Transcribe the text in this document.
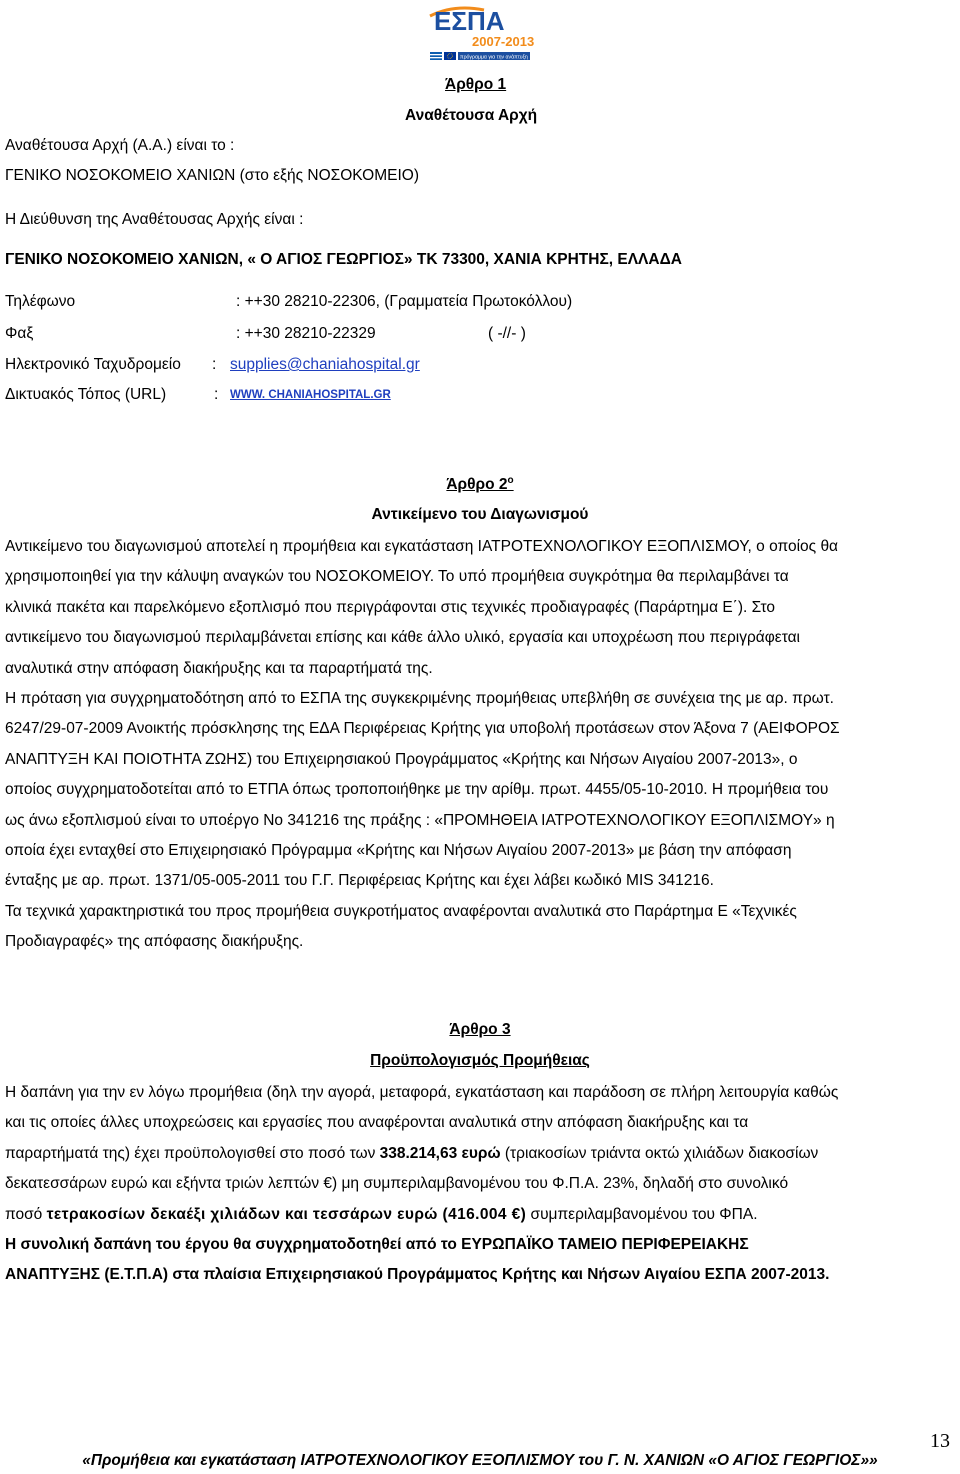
ΕΣΠΑ
2007-2013
πρόγραμμα για την ανάπτυξη
Άρθρο 1
Αναθέτουσα Αρχή
Αναθέτουσα Αρχή (Α.Α.) είναι το :
ΓΕΝΙΚΟ ΝΟΣΟΚΟΜΕΙΟ ΧΑΝΙΩΝ (στο εξής ΝΟΣΟΚΟΜΕΙΟ)
Η Διεύθυνση της Αναθέτουσας Αρχής είναι :
ΓΕΝΙΚΟ ΝΟΣΟΚΟΜΕΙΟ ΧΑΝΙΩΝ, « Ο ΑΓΙΟΣ ΓΕΩΡΓΙΟΣ» ΤΚ 73300, ΧΑΝΙΑ ΚΡΗΤΗΣ, ΕΛΛΑΔΑ
Τηλέφωνο	: ++30 28210-22306, (Γραμματεία Πρωτοκόλλου)
Φαξ	: ++30 28210-22329	( -//- )
Ηλεκτρονικό Ταχυδρομείο : supplies@chaniahospital.gr
Δικτυακός Τόπος (URL)	: WWW. CHANIAHOSPITAL.GR
Άρθρο $2^o$
Αντικείμενο του Διαγωνισμού
Αντικείμενο του διαγωνισμού αποτελεί η προμήθεια και εγκατάσταση ΙΑΤΡΟΤΕΧΝΟΛΟΓΙΚΟΥ ΕΞΟΠΛΙΣΜΟΥ, ο οποίος θα
χρησιμοποιηθεί για την κάλυψη αναγκών του ΝΟΣΟΚΟΜΕΙΟΥ. Το υπό προμήθεια συγκρότημα θα περιλαμβάνει τα
κλινικά πακέτα και παρελκόμενο εξοπλισμό που περιγράφονται στις τεχνικές προδιαγραφές (Παράρτημα Ε΄). Στο
αντικείμενο του διαγωνισμού περιλαμβάνεται επίσης και κάθε άλλο υλικό, εργασία και υποχρέωση που περιγράφεται
αναλυτικά στην απόφαση διακήρυξης και τα παραρτήματά της.
Η πρόταση για συγχρηματοδότηση από το ΕΣΠΑ της συγκεκριμένης προμήθειας υπεβλήθη σε συνέχεια της με αρ. πρωτ.
6247/29-07-2009 Ανοικτής πρόσκλησης της ΕΔΑ Περιφέρειας Κρήτης για υποβολή προτάσεων στον Άξονα 7 (ΑΕΙΦΟΡΟΣ
ΑΝΑΠΤΥΞΗ ΚΑΙ ΠΟΙΟΤΗΤΑ ΖΩΗΣ) του Επιχειρησιακού Προγράμματος «Κρήτης και Νήσων Αιγαίου 2007-2013», ο
οποίος συγχρηματοδοτείται από το ΕΤΠΑ όπως τροποποιήθηκε με την αρίθμ. πρωτ. 4455/05-10-2010. Η προμήθεια του
ως άνω εξοπλισμού είναι το υποέργο Νο 341216 της πράξης : «ΠΡΟΜΗΘΕΙΑ ΙΑΤΡΟΤΕΧΝΟΛΟΓΙΚΟΥ ΕΞΟΠΛΙΣΜΟΥ» η
οποία έχει ενταχθεί στο Επιχειρησιακό Πρόγραμμα «Κρήτης και Νήσων Αιγαίου 2007-2013» με βάση την απόφαση
ένταξης με αρ. πρωτ. 1371/05-005-2011 του Γ.Γ. Περιφέρειας Κρήτης και έχει λάβει κωδικό MIS 341216.
Τα τεχνικά χαρακτηριστικά του προς προμήθεια συγκροτήματος αναφέρονται αναλυτικά στο Παράρτημα Ε «Τεχνικές
Προδιαγραφές» της απόφασης διακήρυξης.
Άρθρο 3
Προϋπολογισμός Προμήθειας
Η δαπάνη για την εν λόγω προμήθεια (δηλ την αγορά, μεταφορά, εγκατάσταση και παράδοση σε πλήρη λειτουργία καθώς
και τις οποίες άλλες υποχρεώσεις και εργασίες που αναφέρονται αναλυτικά στην απόφαση διακήρυξης και τα
παραρτήματά της) έχει προϋπολογισθεί στο ποσό των 338.214,63 ευρώ (τριακοσίων τριάντα οκτώ χιλιάδων διακοσίων
δεκατεσσάρων ευρώ και εξήντα τριών λεπτών €) μη συμπεριλαμβανομένου του Φ.Π.Α. 23%, δηλαδή στο συνολικό
ποσό τετρακοσίων δεκαέξι χιλιάδων και τεσσάρων ευρώ (416.004 €) συμπεριλαμβανομένου του ΦΠΑ.
Η συνολική δαπάνη του έργου θα συγχρηματοδοτηθεί από το ΕΥΡΩΠΑΪΚΟ ΤΑΜΕΙΟ ΠΕΡΙΦΕΡΕΙΑΚΗΣ
ΑΝΑΠΤΥΞΗΣ (Ε.Τ.Π.Α) στα πλαίσια Επιχειρησιακού Προγράμματος Κρήτης και Νήσων Αιγαίου ΕΣΠΑ 2007-2013.
13
«Προμήθεια και εγκατάσταση ΙΑΤΡΟΤΕΧΝΟΛΟΓΙΚΟΥ ΕΞΟΠΛΙΣΜΟΥ του Γ. Ν. ΧΑΝΙΩΝ «Ο ΑΓΙΟΣ ΓΕΩΡΓΙΟΣ»»
